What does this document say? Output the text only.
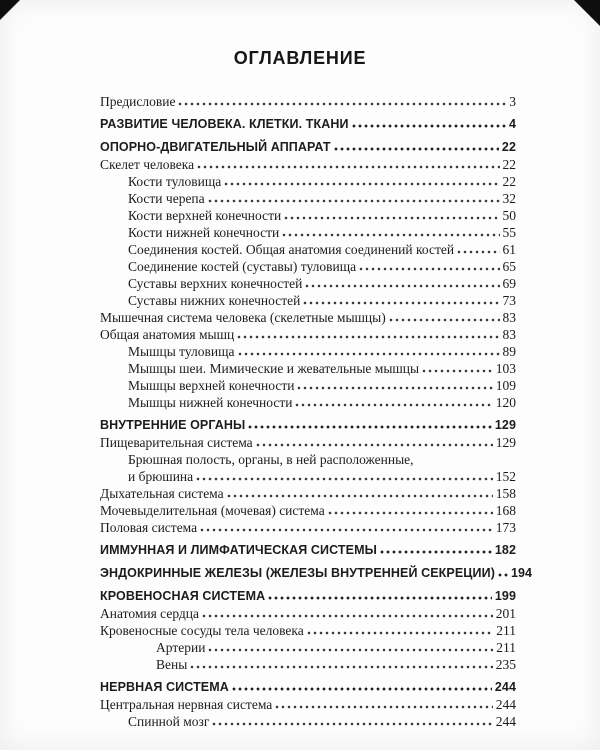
ОГЛАВЛЕНИЕ
Предисловие	3
РАЗВИТИЕ ЧЕЛОВЕКА. КЛЕТКИ. ТКАНИ	4
ОПОРНО-ДВИГАТЕЛЬНЫЙ АППАРАТ	22
Скелет человека	22
Кости туловища	22
Кости черепа	32
Кости верхней конечности	50
Кости нижней конечности	55
Соединения костей. Общая анатомия соединений костей	61
Соединение костей (суставы) туловища	65
Суставы верхних конечностей	69
Суставы нижних конечностей	73
Мышечная система человека (скелетные мышцы)	83
Общая анатомия мышц	83
Мышцы туловища	89
Мышцы шеи. Мимические и жевательные мышцы	103
Мышцы верхней конечности	109
Мышцы нижней конечности	120
ВНУТРЕННИЕ ОРГАНЫ	129
Пищеварительная система	129
Брюшная полость, органы, в ней расположенные,
и брюшина	152
Дыхательная система	158
Мочевыделительная (мочевая) система	168
Половая система	173
ИММУННАЯ И ЛИМФАТИЧЕСКАЯ СИСТЕМЫ	182
ЭНДОКРИННЫЕ ЖЕЛЕЗЫ (ЖЕЛЕЗЫ ВНУТРЕННЕЙ СЕКРЕЦИИ) 194
КРОВЕНОСНАЯ СИСТЕМА	199
Анатомия сердца	201
Кровеносные сосуды тела человека	211
Артерии	211
Вены	235
НЕРВНАЯ СИСТЕМА	244
Центральная нервная система	244
Спинной мозг	244
